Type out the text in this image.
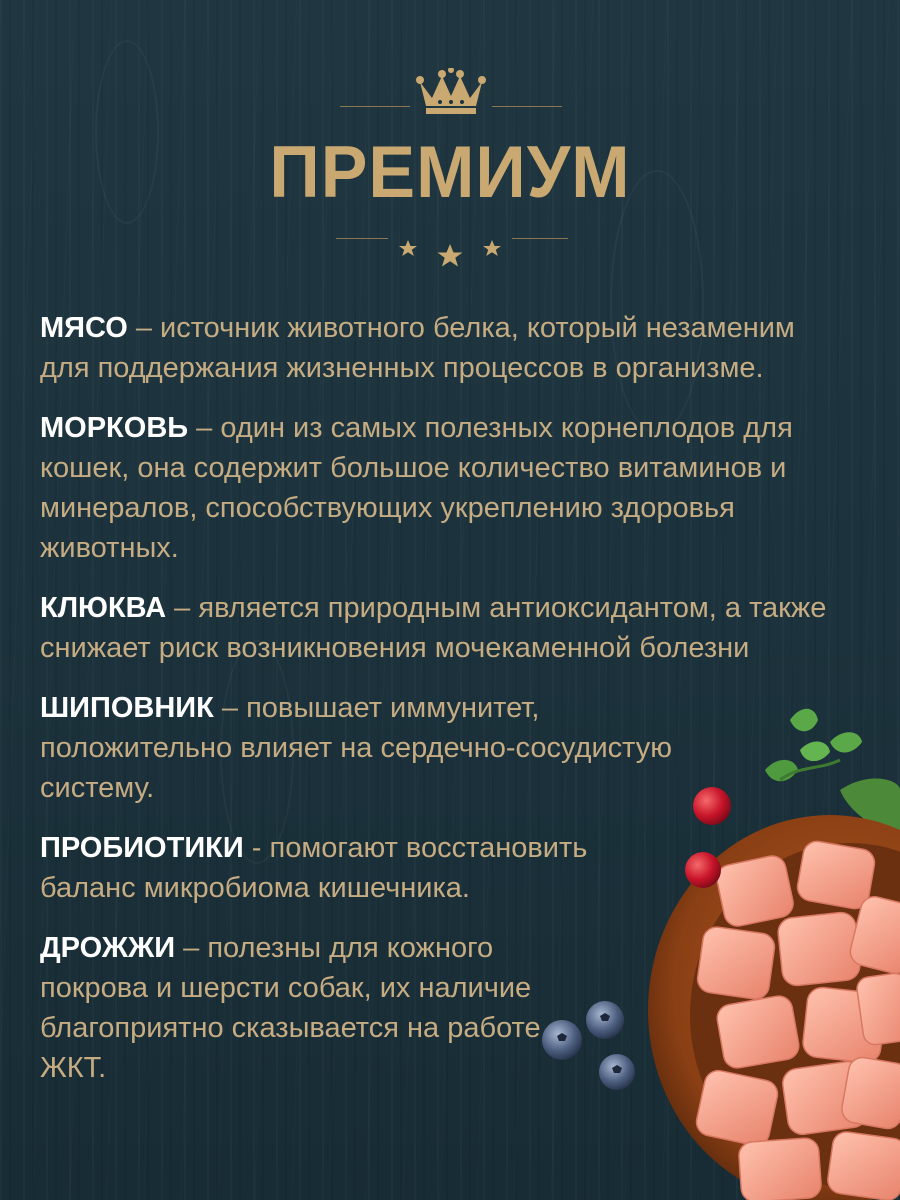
ПРЕМИУМ
МЯСО – источник животного белка, который незаменим для поддержания жизненных процессов в организме.
МОРКОВЬ – один из самых полезных корнеплодов для кошек, она содержит большое количество витаминов и минералов, способствующих укреплению здоровья животных.
КЛЮКВА – является природным антиоксидантом, а также снижает риск возникновения мочекаменной болезни
ШИПОВНИК – повышает иммунитет, положительно влияет на сердечно-сосудистую систему.
ПРОБИОТИКИ - помогают восстановить баланс микробиома кишечника.
ДРОЖЖИ – полезны для кожного покрова и шерсти собак, их наличие благоприятно сказывается на работе ЖКТ.
